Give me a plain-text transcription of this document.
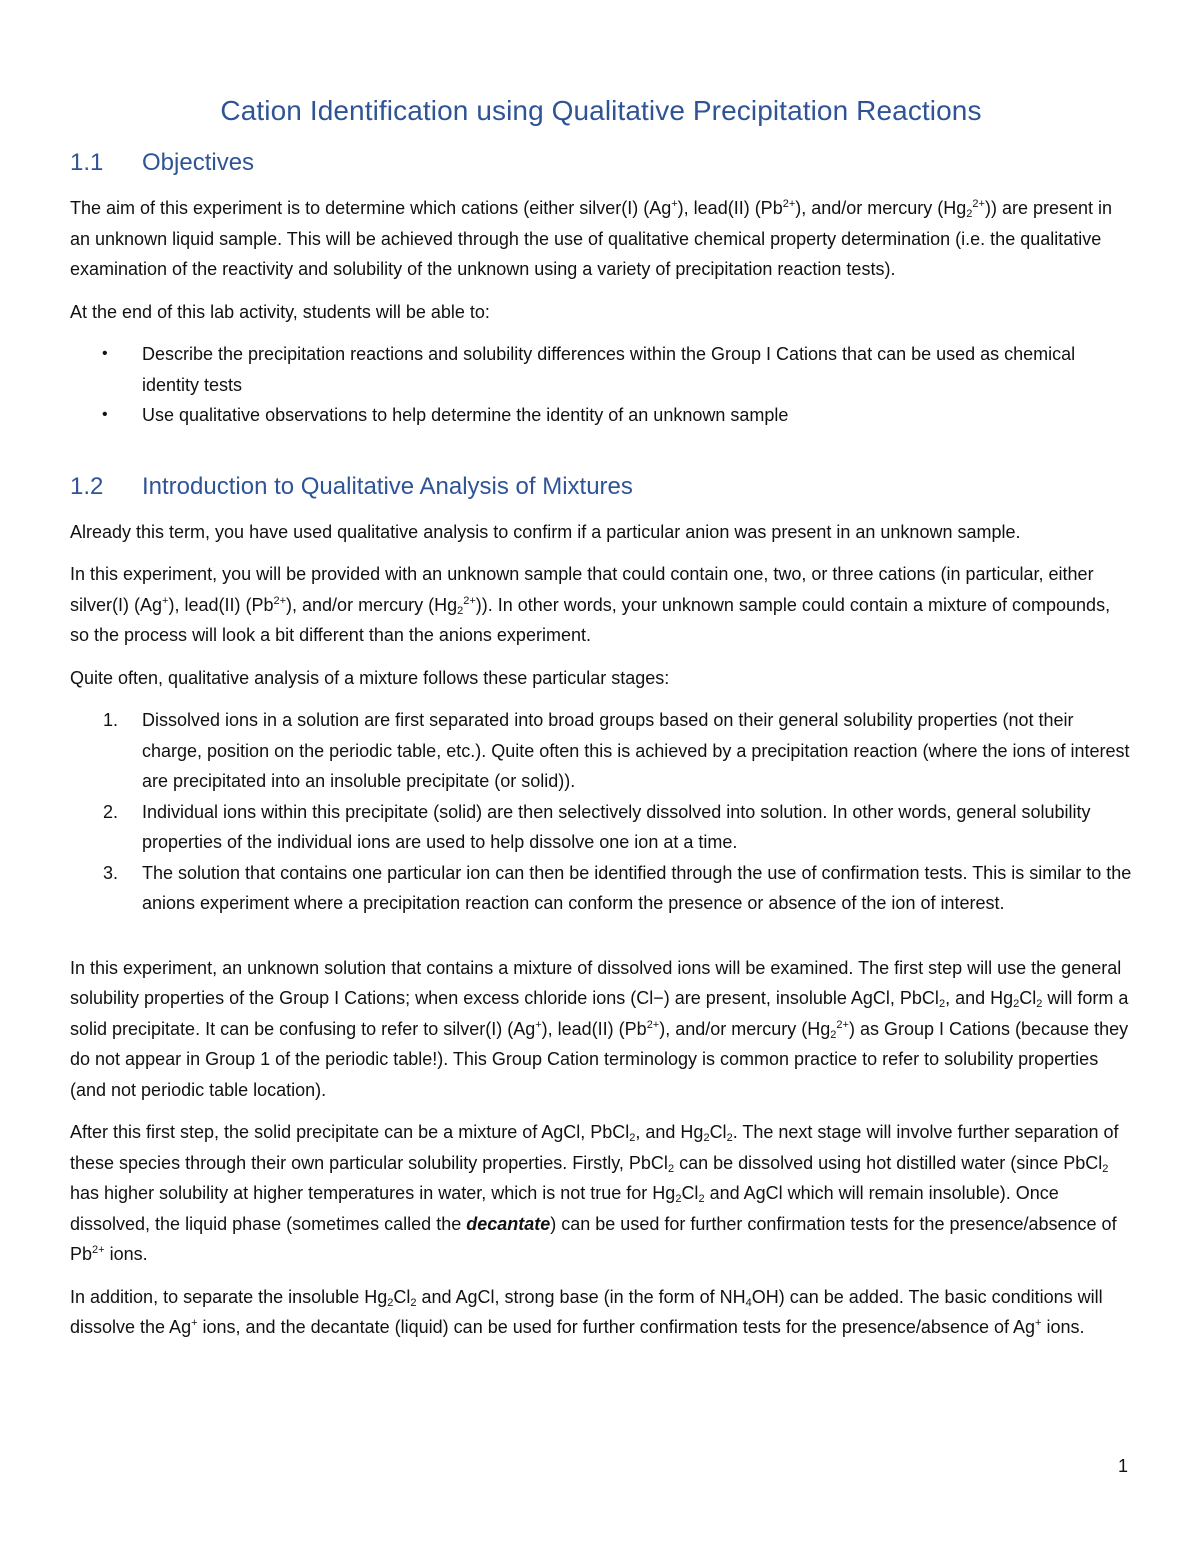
Cation Identification using Qualitative Precipitation Reactions
1.1	Objectives

The aim of this experiment is to determine which cations (either silver(I) (Ag+), lead(II) $(Pb^{2+})$, and/or mercury $(Hg_2^{2+})$) are present in an unknown liquid sample. This will be achieved through the use of qualitative chemical property determination (i.e. the qualitative examination of the reactivity and solubility of the unknown using a variety of precipitation reaction tests).

At the end of this lab activity, students will be able to:

• Describe the precipitation reactions and solubility differences within the Group I Cations that can be used as chemical identity tests
• Use qualitative observations to help determine the identity of an unknown sample
1.2	Introduction to Qualitative Analysis of Mixtures

Already this term, you have used qualitative analysis to confirm if a particular anion was present in an unknown sample.

In this experiment, you will be provided with an unknown sample that could contain one, two, or three cations (in particular, either silver(I) (Ag+), lead(II) $(Pb^{2+})$, and/or mercury $(Hg_2^{2+})$). In other words, your unknown sample could contain a mixture of compounds, so the process will look a bit different than the anions experiment.

Quite often, qualitative analysis of a mixture follows these particular stages:

1. Dissolved ions in a solution are first separated into broad groups based on their general solubility properties (not their charge, position on the periodic table, etc.). Quite often this is achieved by a precipitation reaction (where the ions of interest are precipitated into an insoluble precipitate (or solid)).
2. Individual ions within this precipitate (solid) are then selectively dissolved into solution. In other words, general solubility properties of the individual ions are used to help dissolve one ion at a time.
3. The solution that contains one particular ion can then be identified through the use of confirmation tests. This is similar to the anions experiment where a precipitation reaction can conform the presence or absence of the ion of interest.

In this experiment, an unknown solution that contains a mixture of dissolved ions will be examined. The first step will use the general solubility properties of the Group I Cations; when excess chloride ions (Cl−) are present, insoluble AgCl, PbCl$_2$, and $Hg_2Cl_2$ will form a solid precipitate. It can be confusing to refer to silver(I) (Ag+), lead(II) $(Pb^{2+})$, and/or mercury $(Hg_2^{2+})$ as Group I Cations (because they do not appear in Group 1 of the periodic table!). This Group Cation terminology is common practice to refer to solubility properties (and not periodic table location).

After this first step, the solid precipitate can be a mixture of AgCl, PbCl$_2$, and $Hg_2Cl_2$. The next stage will involve further separation of these species through their own particular solubility properties. Firstly, PbCl$_2$ can be dissolved using hot distilled water (since PbCl$_2$ has higher solubility at higher temperatures in water, which is not true for $Hg_2Cl_2$ and AgCl which will remain insoluble). Once dissolved, the liquid phase (sometimes called the decantate) can be used for further confirmation tests for the presence/absence of $Pb^{2+}$ ions.

In addition, to separate the insoluble $Hg_2Cl_2$ and AgCl, strong base (in the form of $NH_4OH$) can be added. The basic conditions will dissolve the Ag+ ions, and the decantate (liquid) can be used for further confirmation tests for the presence/absence of Ag+ ions.

1
